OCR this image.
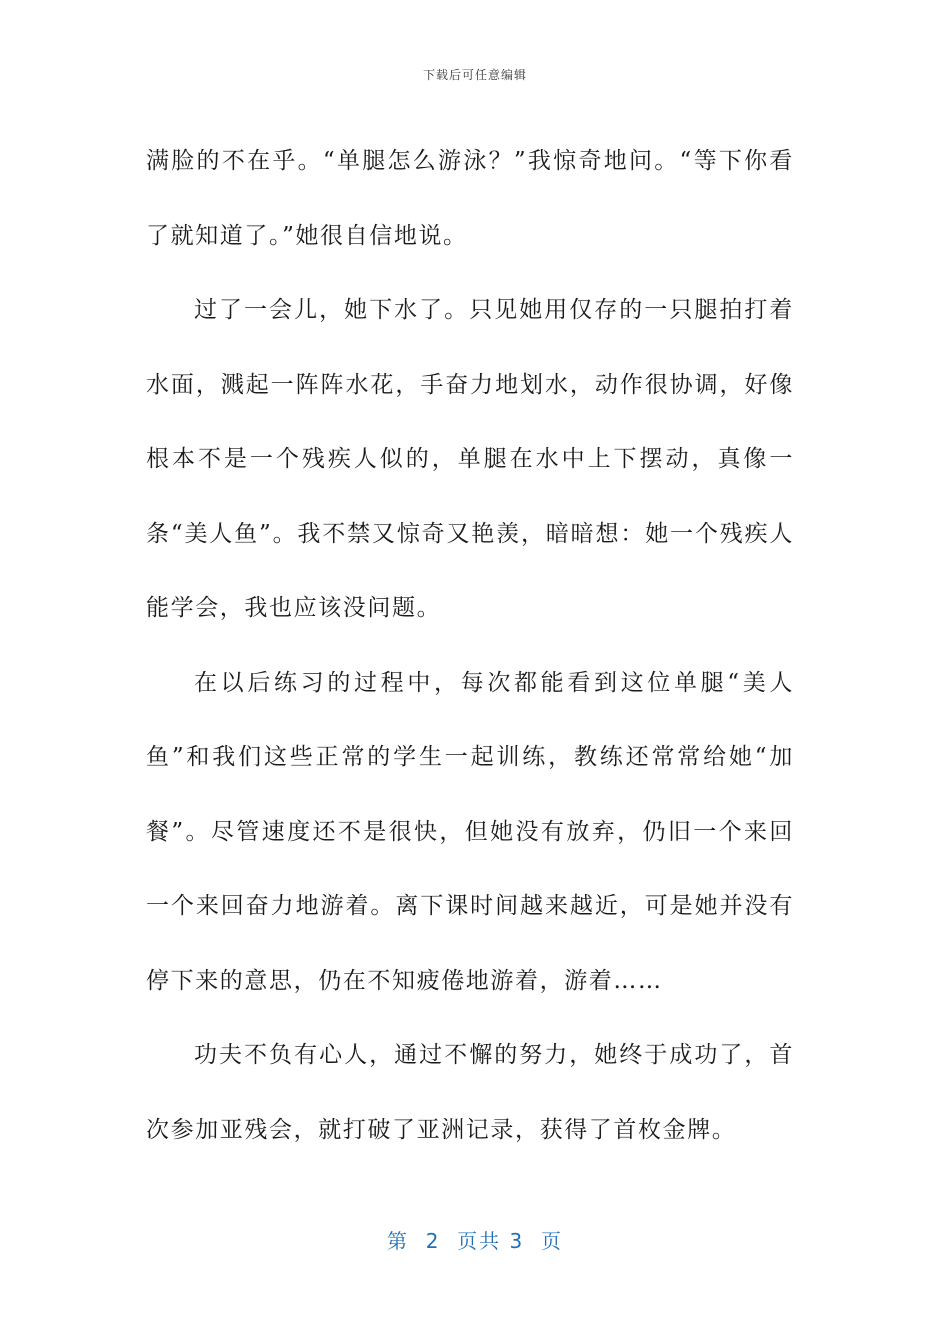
下载后可任意编辑

满脸的不在乎。“单腿怎么游泳？”我惊奇地问。“等下你看了就知道了。”她很自信地说。

过了一会儿，她下水了。只见她用仅存的一只腿拍打着水面，溅起一阵阵水花，手奋力地划水，动作很协调，好像根本不是一个残疾人似的，单腿在水中上下摆动，真像一条“美人鱼”。我不禁又惊奇又艳羡，暗暗想：她一个残疾人能学会，我也应该没问题。

在以后练习的过程中，每次都能看到这位单腿“美人鱼”和我们这些正常的学生一起训练，教练还常常给她“加餐”。尽管速度还不是很快，但她没有放弃，仍旧一个来回一个来回奋力地游着。离下课时间越来越近，可是她并没有停下来的意思，仍在不知疲倦地游着，游着……

功夫不负有心人，通过不懈的努力，她终于成功了，首次参加亚残会，就打破了亚洲记录，获得了首枚金牌。

第 2 页共 3 页
